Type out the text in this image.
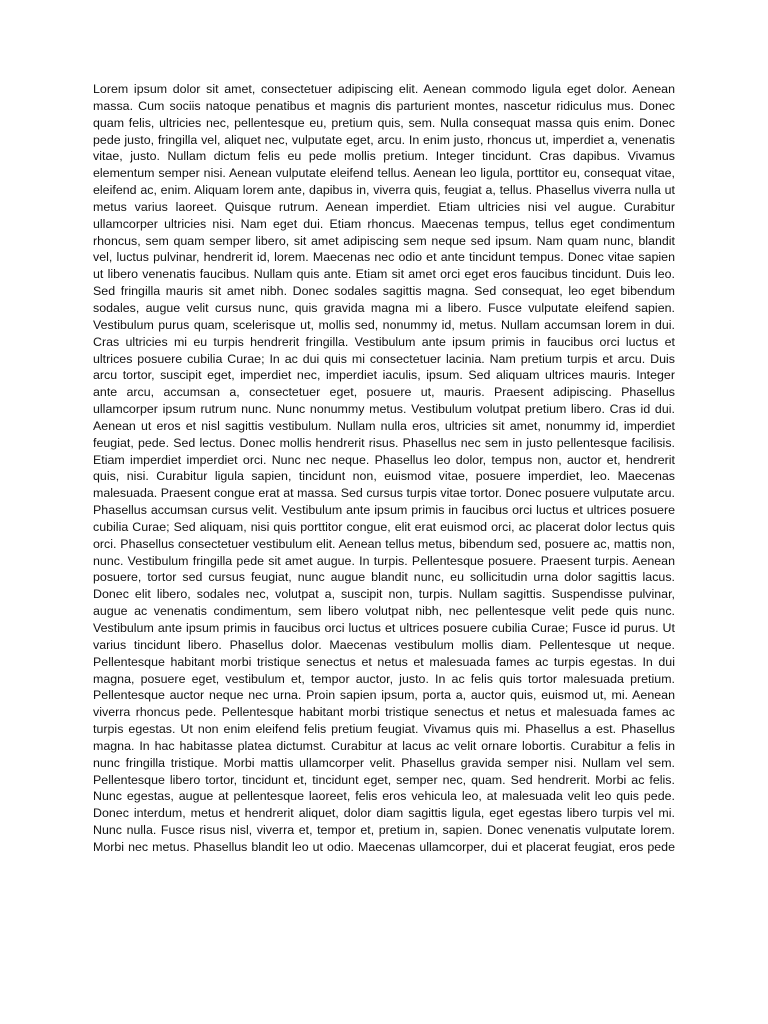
Lorem ipsum dolor sit amet, consectetuer adipiscing elit. Aenean commodo ligula eget dolor. Aenean massa. Cum sociis natoque penatibus et magnis dis parturient montes, nascetur ridiculus mus. Donec quam felis, ultricies nec, pellentesque eu, pretium quis, sem. Nulla consequat massa quis enim. Donec pede justo, fringilla vel, aliquet nec, vulputate eget, arcu. In enim justo, rhoncus ut, imperdiet a, venenatis vitae, justo. Nullam dictum felis eu pede mollis pretium. Integer tincidunt. Cras dapibus. Vivamus elementum semper nisi. Aenean vulputate eleifend tellus. Aenean leo ligula, porttitor eu, consequat vitae, eleifend ac, enim. Aliquam lorem ante, dapibus in, viverra quis, feugiat a, tellus. Phasellus viverra nulla ut metus varius laoreet. Quisque rutrum. Aenean imperdiet. Etiam ultricies nisi vel augue. Curabitur ullamcorper ultricies nisi. Nam eget dui. Etiam rhoncus. Maecenas tempus, tellus eget condimentum rhoncus, sem quam semper libero, sit amet adipiscing sem neque sed ipsum. Nam quam nunc, blandit vel, luctus pulvinar, hendrerit id, lorem. Maecenas nec odio et ante tincidunt tempus. Donec vitae sapien ut libero venenatis faucibus. Nullam quis ante. Etiam sit amet orci eget eros faucibus tincidunt. Duis leo. Sed fringilla mauris sit amet nibh. Donec sodales sagittis magna. Sed consequat, leo eget bibendum sodales, augue velit cursus nunc, quis gravida magna mi a libero. Fusce vulputate eleifend sapien. Vestibulum purus quam, scelerisque ut, mollis sed, nonummy id, metus. Nullam accumsan lorem in dui. Cras ultricies mi eu turpis hendrerit fringilla. Vestibulum ante ipsum primis in faucibus orci luctus et ultrices posuere cubilia Curae; In ac dui quis mi consectetuer lacinia. Nam pretium turpis et arcu. Duis arcu tortor, suscipit eget, imperdiet nec, imperdiet iaculis, ipsum. Sed aliquam ultrices mauris. Integer ante arcu, accumsan a, consectetuer eget, posuere ut, mauris. Praesent adipiscing. Phasellus ullamcorper ipsum rutrum nunc. Nunc nonummy metus. Vestibulum volutpat pretium libero. Cras id dui. Aenean ut eros et nisl sagittis vestibulum. Nullam nulla eros, ultricies sit amet, nonummy id, imperdiet feugiat, pede. Sed lectus. Donec mollis hendrerit risus. Phasellus nec sem in justo pellentesque facilisis. Etiam imperdiet imperdiet orci. Nunc nec neque. Phasellus leo dolor, tempus non, auctor et, hendrerit quis, nisi. Curabitur ligula sapien, tincidunt non, euismod vitae, posuere imperdiet, leo. Maecenas malesuada. Praesent congue erat at massa. Sed cursus turpis vitae tortor. Donec posuere vulputate arcu. Phasellus accumsan cursus velit. Vestibulum ante ipsum primis in faucibus orci luctus et ultrices posuere cubilia Curae; Sed aliquam, nisi quis porttitor congue, elit erat euismod orci, ac placerat dolor lectus quis orci. Phasellus consectetuer vestibulum elit. Aenean tellus metus, bibendum sed, posuere ac, mattis non, nunc. Vestibulum fringilla pede sit amet augue. In turpis. Pellentesque posuere. Praesent turpis. Aenean posuere, tortor sed cursus feugiat, nunc augue blandit nunc, eu sollicitudin urna dolor sagittis lacus. Donec elit libero, sodales nec, volutpat a, suscipit non, turpis. Nullam sagittis. Suspendisse pulvinar, augue ac venenatis condimentum, sem libero volutpat nibh, nec pellentesque velit pede quis nunc. Vestibulum ante ipsum primis in faucibus orci luctus et ultrices posuere cubilia Curae; Fusce id purus. Ut varius tincidunt libero. Phasellus dolor. Maecenas vestibulum mollis diam. Pellentesque ut neque. Pellentesque habitant morbi tristique senectus et netus et malesuada fames ac turpis egestas. In dui magna, posuere eget, vestibulum et, tempor auctor, justo. In ac felis quis tortor malesuada pretium. Pellentesque auctor neque nec urna. Proin sapien ipsum, porta a, auctor quis, euismod ut, mi. Aenean viverra rhoncus pede. Pellentesque habitant morbi tristique senectus et netus et malesuada fames ac turpis egestas. Ut non enim eleifend felis pretium feugiat. Vivamus quis mi. Phasellus a est. Phasellus magna. In hac habitasse platea dictumst. Curabitur at lacus ac velit ornare lobortis. Curabitur a felis in nunc fringilla tristique. Morbi mattis ullamcorper velit. Phasellus gravida semper nisi. Nullam vel sem. Pellentesque libero tortor, tincidunt et, tincidunt eget, semper nec, quam. Sed hendrerit. Morbi ac felis. Nunc egestas, augue at pellentesque laoreet, felis eros vehicula leo, at malesuada velit leo quis pede. Donec interdum, metus et hendrerit aliquet, dolor diam sagittis ligula, eget egestas libero turpis vel mi. Nunc nulla. Fusce risus nisl, viverra et, tempor et, pretium in, sapien. Donec venenatis vulputate lorem. Morbi nec metus. Phasellus blandit leo ut odio. Maecenas ullamcorper, dui et placerat feugiat, eros pede
